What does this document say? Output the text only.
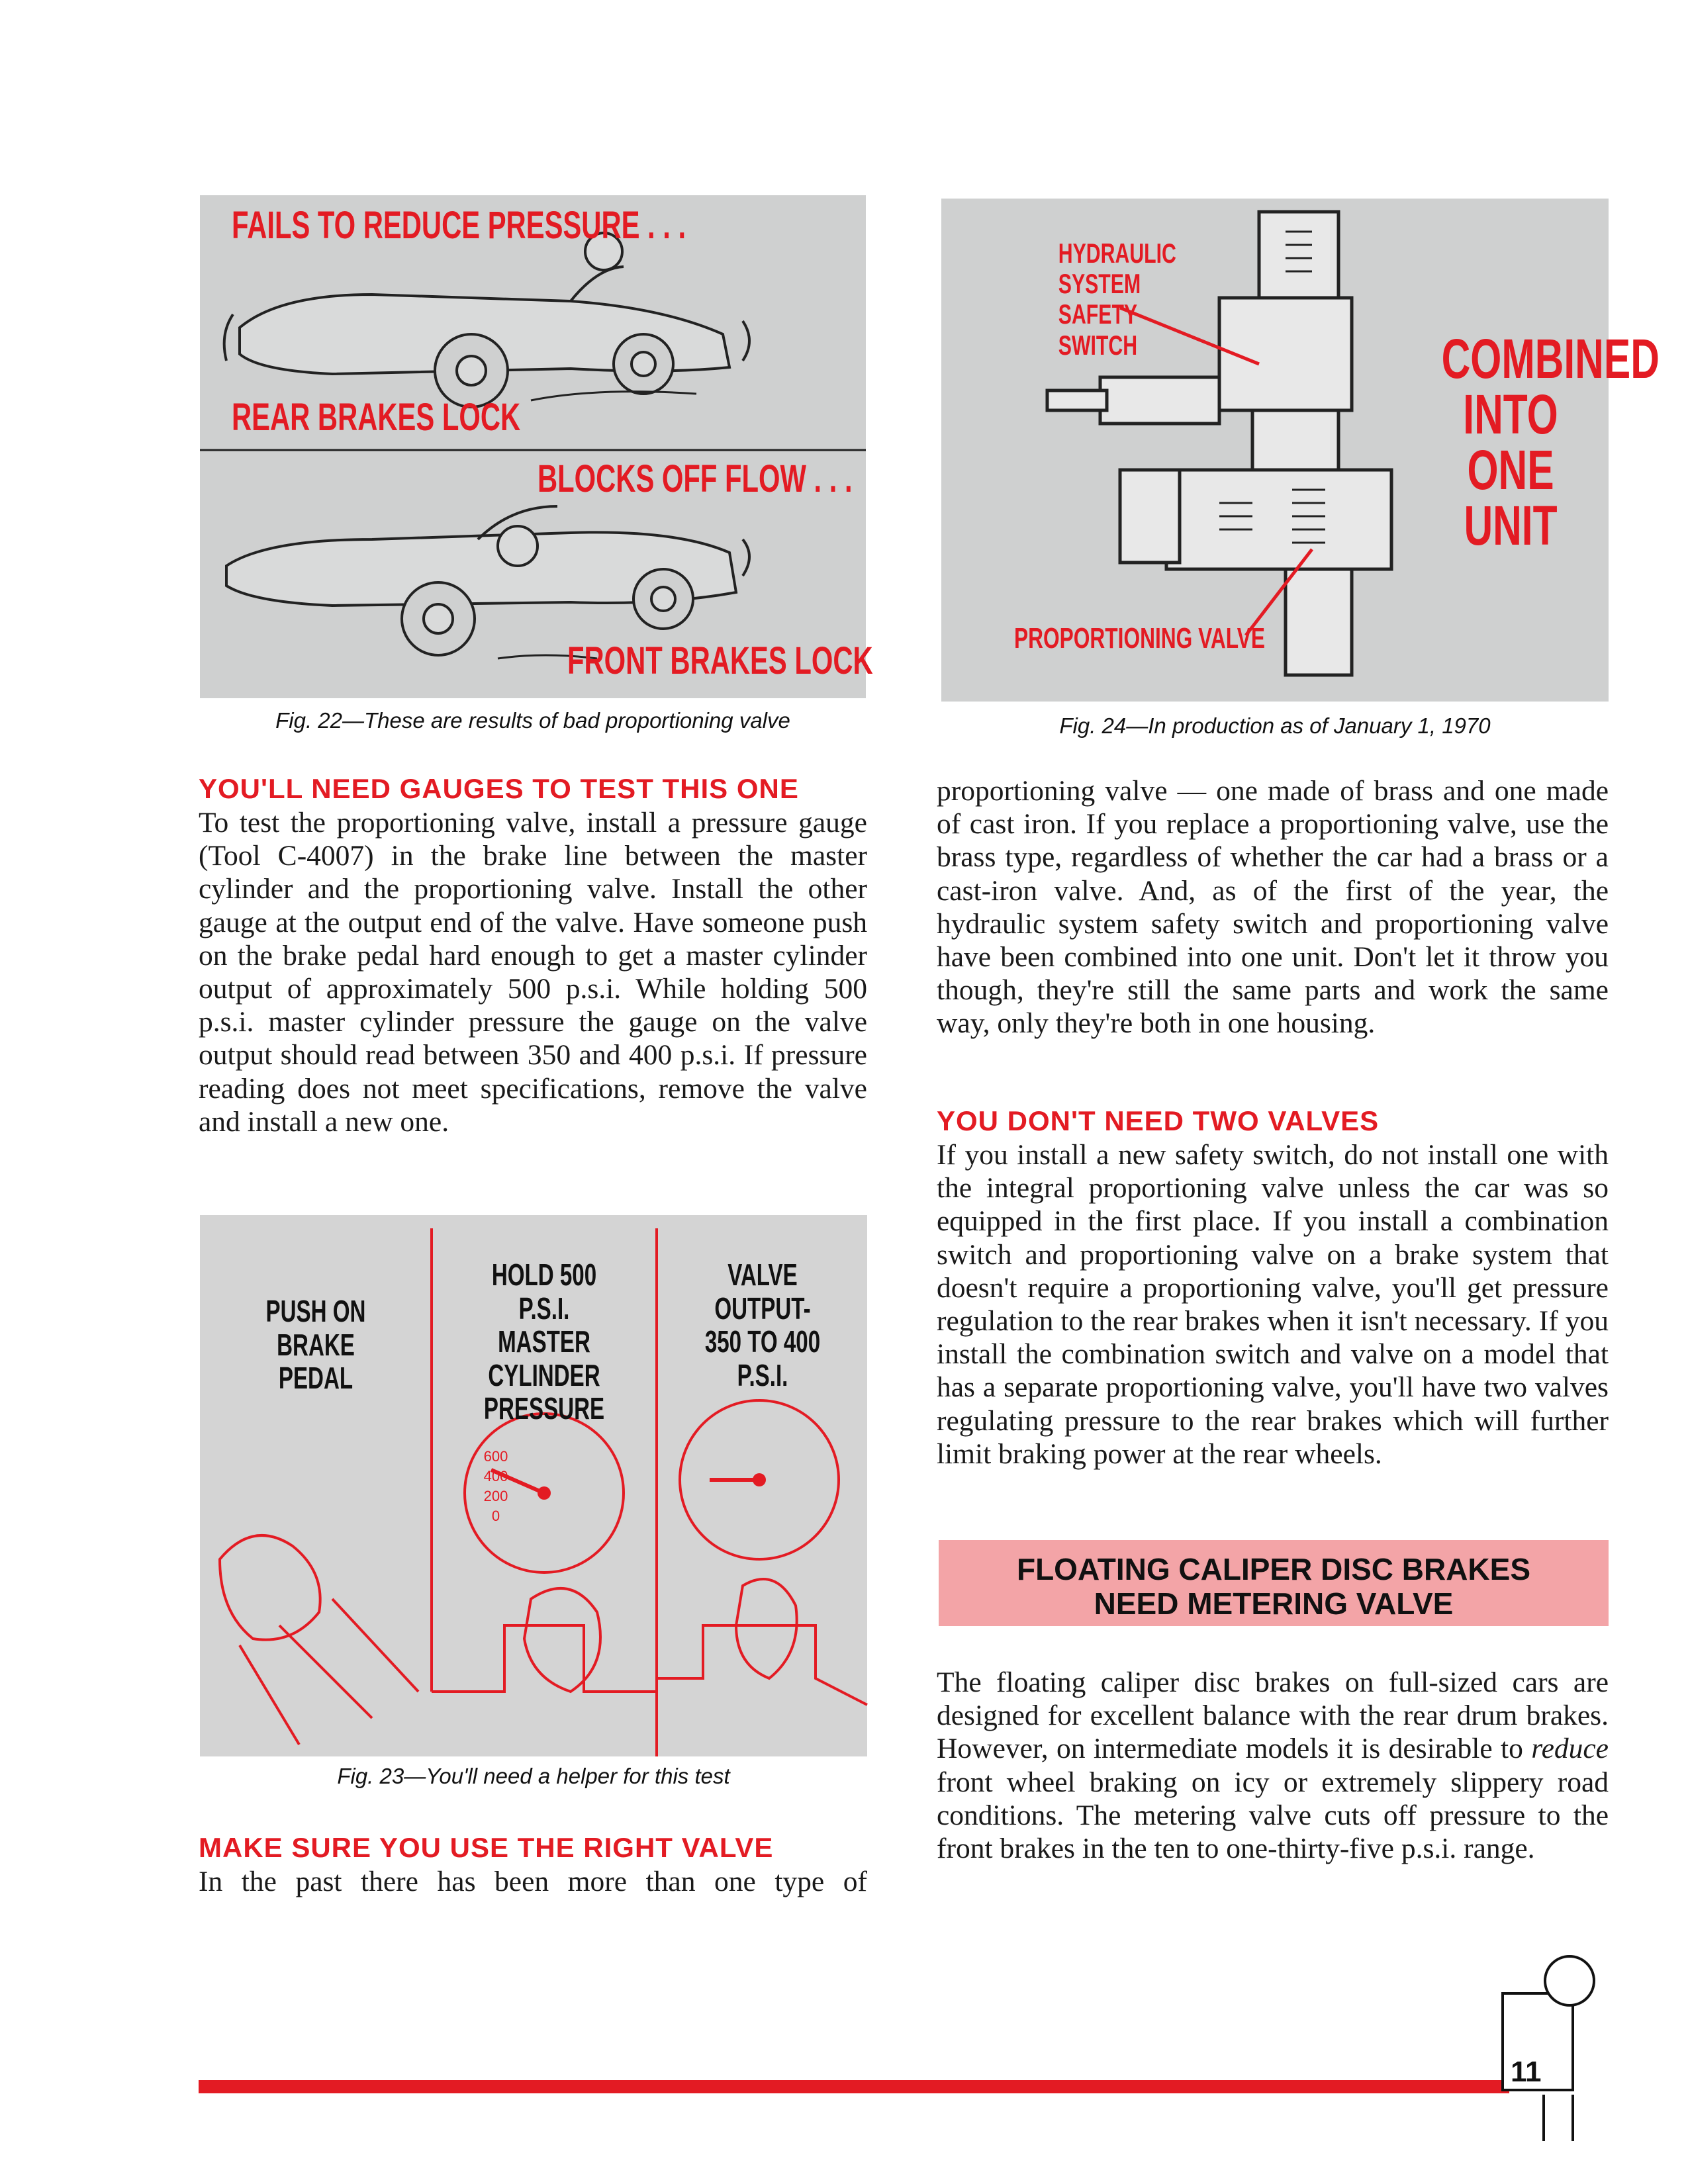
FAILS TO REDUCE PRESSURE . . .
REAR BRAKES LOCK
BLOCKS OFF FLOW . . .
FRONT BRAKES LOCK
Fig. 22—These are results of bad proportioning valve
HYDRAULIC
SYSTEM
SAFETY
SWITCH	COMBINED
INTO ONE
UNIT
PROPORTIONING VALVE
Fig. 24—In production as of January 1, 1970
YOU'LL NEED GAUGES TO TEST THIS ONE

To test the proportioning valve, install a pressure gauge (Tool C-4007) in the brake line between the master cylinder and the proportioning valve. Install the other gauge at the output end of the valve. Have someone push on the brake pedal hard enough to get a master cylinder output of approximately 500 p.s.i. While holding 500 p.s.i. master cylinder pressure the gauge on the valve output should read between 350 and 400 p.s.i. If pressure reading does not meet specifications, remove the valve and install a new one.

PUSH ON
BRAKE PEDAL
HOLD 500 P.S.I.
MASTER
CYLINDER
PRESSURE
VALVE
OUTPUT-
350 TO 400
P.S.I.
600
400
200
0
Fig. 23—You'll need a helper for this test
MAKE SURE YOU USE THE RIGHT VALVE

In the past there has been more than one type of

proportioning valve — one made of brass and one made of cast iron. If you replace a proportioning valve, use the brass type, regardless of whether the car had a brass or a cast-iron valve. And, as of the first of the year, the hydraulic system safety switch and proportioning valve have been combined into one unit. Don't let it throw you though, they're still the same parts and work the same way, only they're both in one housing.

YOU DON'T NEED TWO VALVES

If you install a new safety switch, do not install one with the integral proportioning valve unless the car was so equipped in the first place. If you install a combination switch and proportioning valve on a brake system that doesn't require a proportioning valve, you'll get pressure regulation to the rear brakes when it isn't necessary. If you install the combination switch and valve on a model that has a separate proportioning valve, you'll have two valves regulating pressure to the rear brakes which will further limit braking power at the rear wheels.

FLOATING CALIPER DISC BRAKES
NEED METERING VALVE

The floating caliper disc brakes on full-sized cars are designed for excellent balance with the rear drum brakes. However, on intermediate models it is desirable to reduce front wheel braking on icy or extremely slippery road conditions. The metering valve cuts off pressure to the front brakes in the ten to one-thirty-five p.s.i. range.

11
